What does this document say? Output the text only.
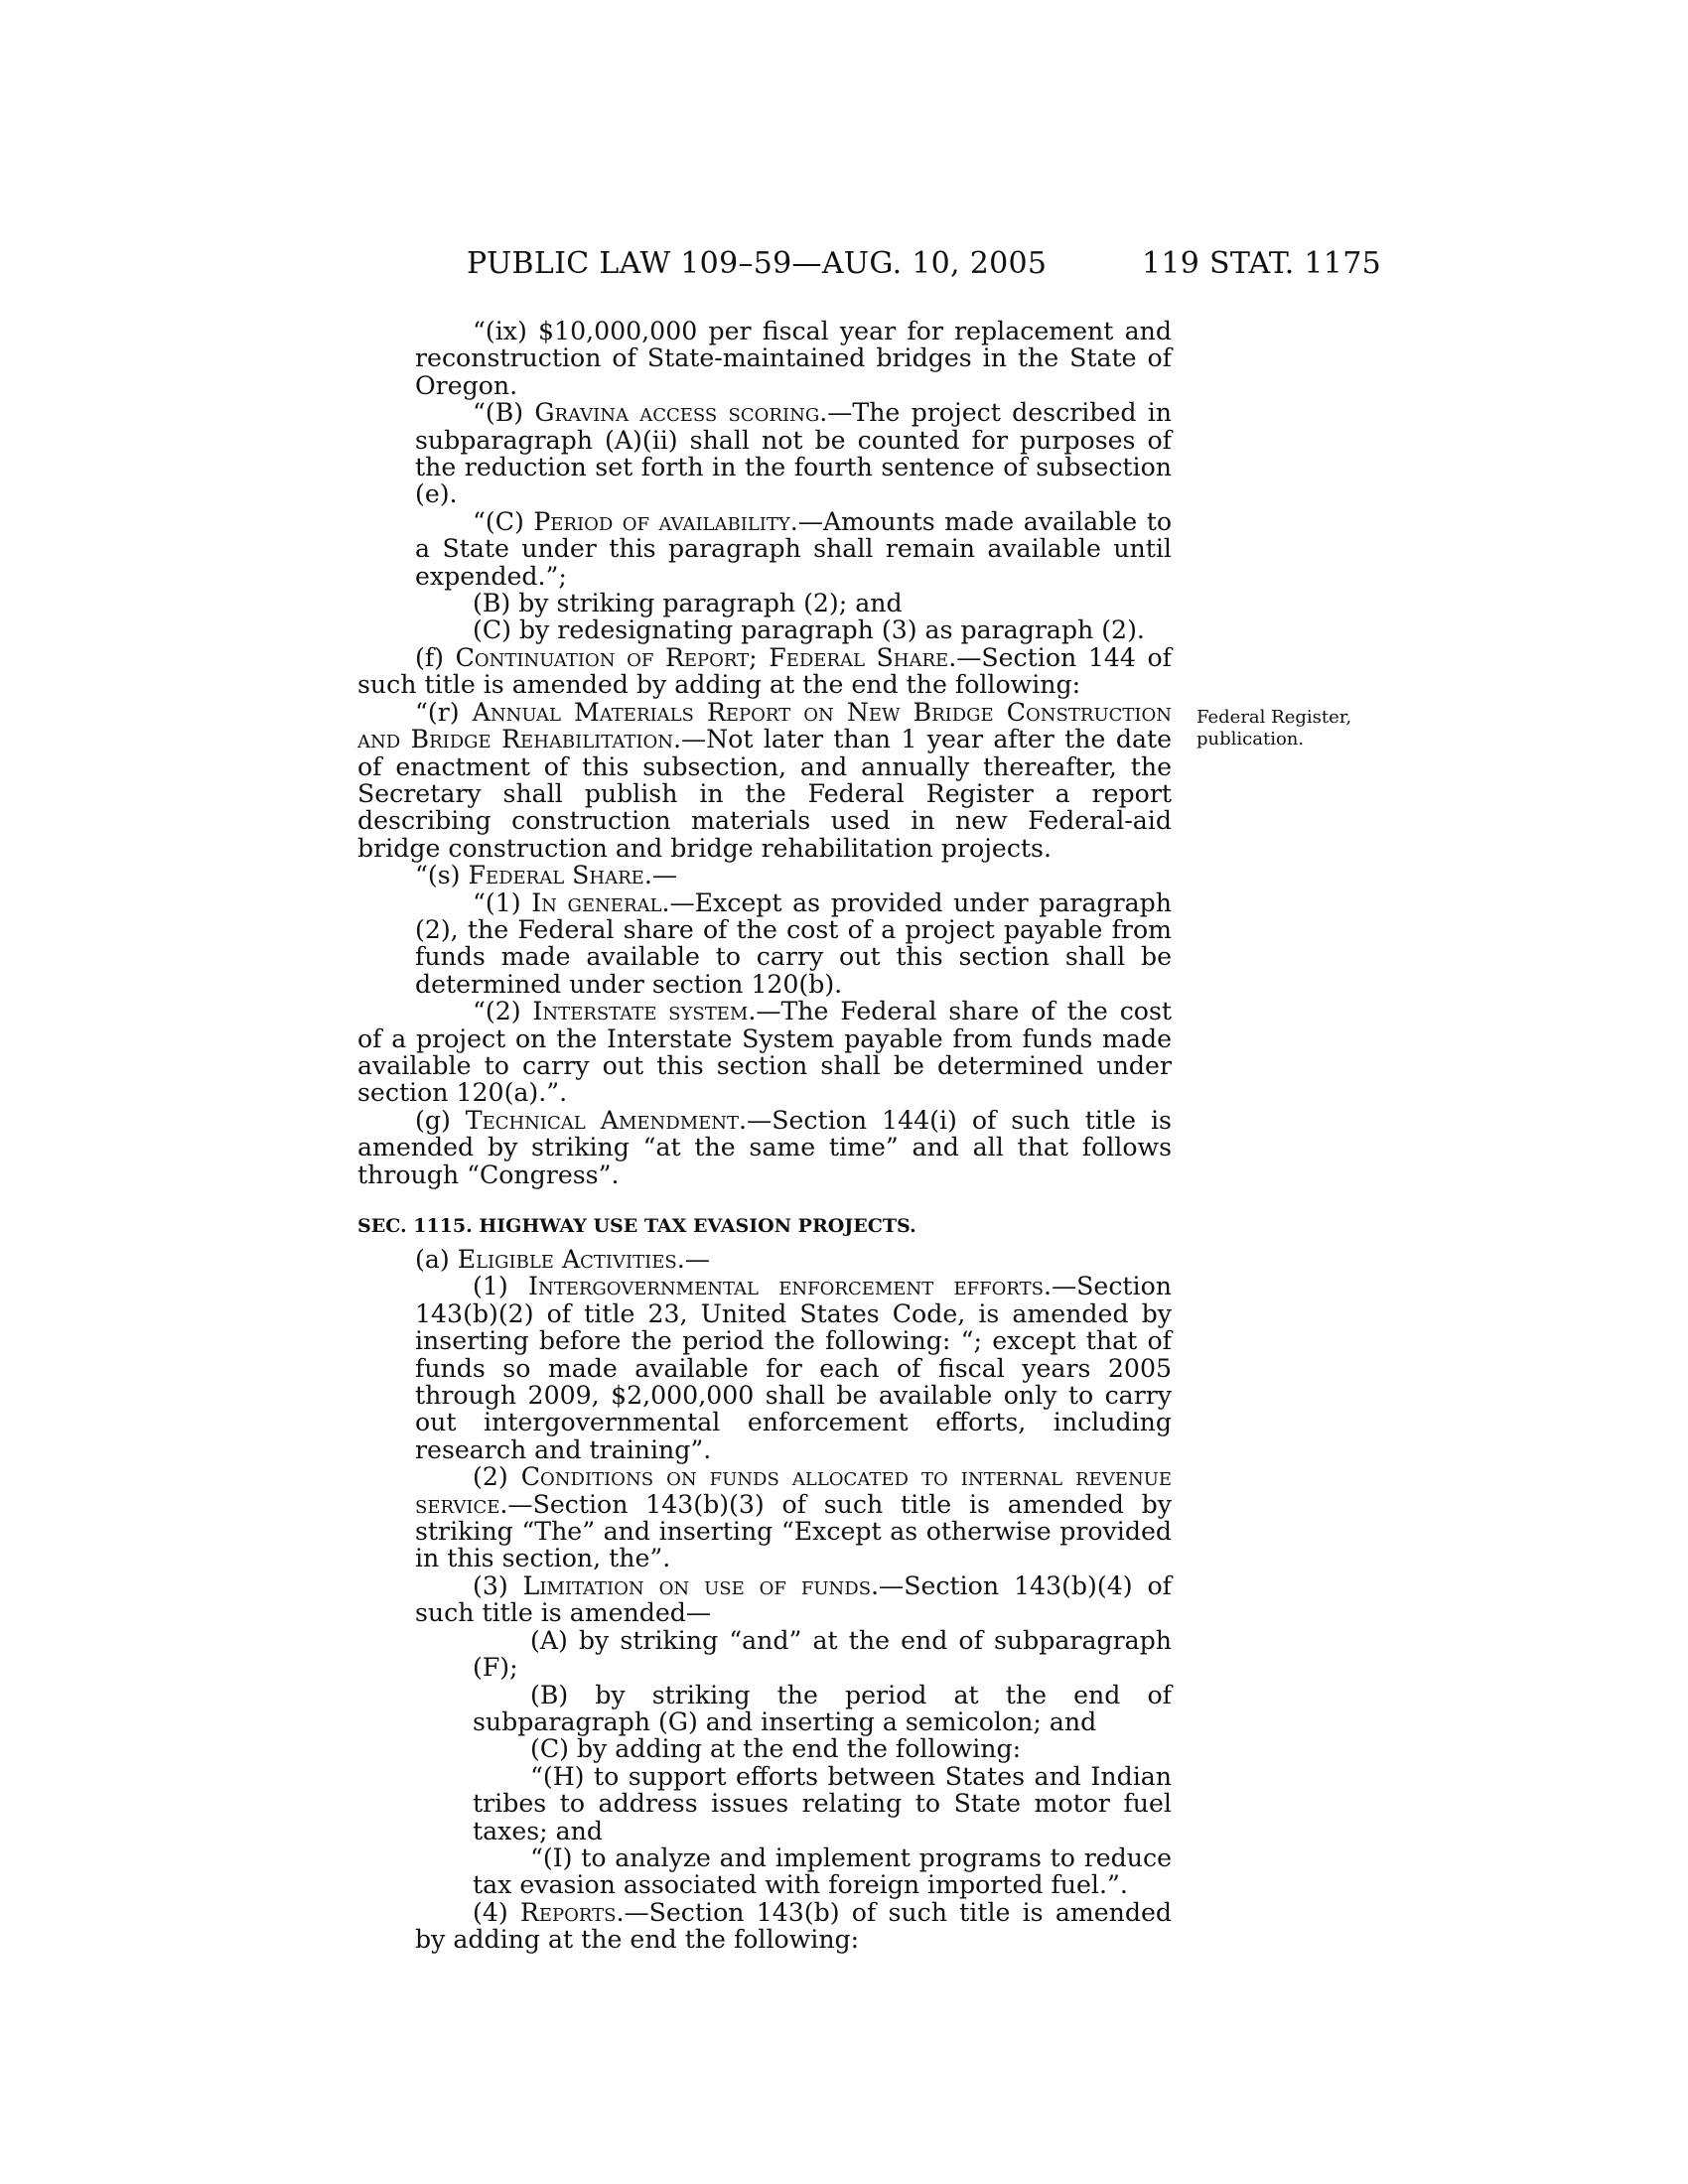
PUBLIC LAW 109–59—AUG. 10, 2005	119 STAT. 1175
Federal Register,
publication.

“(ix) $10,000,000 per fiscal year for replacement and reconstruction of State-maintained bridges in the State of Oregon.

“(B) Gravina access scoring.—The project described in subparagraph (A)(ii) shall not be counted for purposes of the reduction set forth in the fourth sentence of subsection (e).

“(C) Period of availability.—Amounts made available to a State under this paragraph shall remain available until expended.”;

(B) by striking paragraph (2); and

(C) by redesignating paragraph (3) as paragraph (2).

(f) Continuation of Report; Federal Share.—Section 144 of such title is amended by adding at the end the following:

“(r) Annual Materials Report on New Bridge Construction and Bridge Rehabilitation.—Not later than 1 year after the date of enactment of this subsection, and annually thereafter, the Secretary shall publish in the Federal Register a report describing construction materials used in new Federal-aid bridge construction and bridge rehabilitation projects.

“(s) Federal Share.—

“(1) In general.—Except as provided under paragraph (2), the Federal share of the cost of a project payable from funds made available to carry out this section shall be determined under section 120(b).

“(2) Interstate system.—The Federal share of the cost of a project on the Interstate System payable from funds made available to carry out this section shall be determined under section 120(a).”.

(g) Technical Amendment.—Section 144(i) of such title is amended by striking “at the same time” and all that follows through “Congress”.

SEC. 1115. HIGHWAY USE TAX EVASION PROJECTS.

(a) Eligible Activities.—

(1) Intergovernmental enforcement efforts.—Section 143(b)(2) of title 23, United States Code, is amended by inserting before the period the following: “; except that of funds so made available for each of fiscal years 2005 through 2009, $2,000,000 shall be available only to carry out intergovernmental enforcement efforts, including research and training”.

(2) Conditions on funds allocated to internal revenue service.—Section 143(b)(3) of such title is amended by striking “The” and inserting “Except as otherwise provided in this section, the”.

(3) Limitation on use of funds.—Section 143(b)(4) of such title is amended—

(A) by striking “and” at the end of subparagraph (F);

(B) by striking the period at the end of subparagraph (G) and inserting a semicolon; and

(C) by adding at the end the following:

“(H) to support efforts between States and Indian tribes to address issues relating to State motor fuel taxes; and

“(I) to analyze and implement programs to reduce tax evasion associated with foreign imported fuel.”.

(4) Reports.—Section 143(b) of such title is amended by adding at the end the following:
